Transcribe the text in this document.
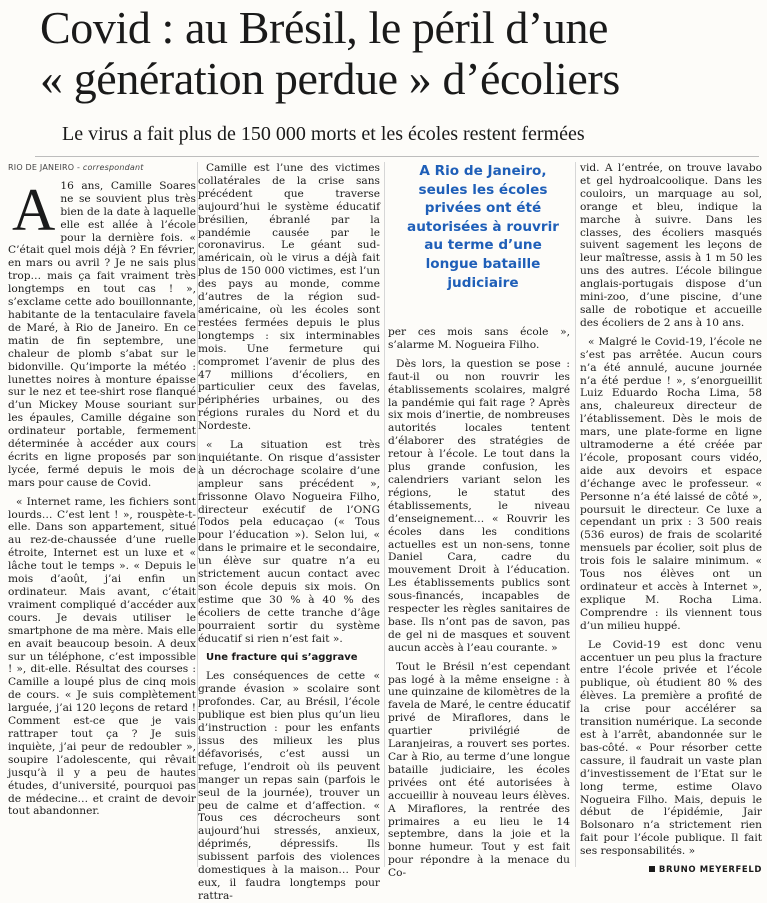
Covid : au Brésil, le péril d’une
« génération perdue » d’écoliers
Le virus a fait plus de 150 000 morts et les écoles restent fermées
RIO DE JANEIRO - correspondant

A 16 ans, Camille Soares ne se souvient plus très bien de la date à laquelle elle est allée à l’école pour la dernière fois. « C’était quel mois déjà ? En février, en mars ou avril ? Je ne sais plus trop… mais ça fait vraiment très longtemps en tout cas ! », s’exclame cette ado bouillonnante, habitante de la tentaculaire favela de Maré, à Rio de Janeiro. En ce matin de fin septembre, une chaleur de plomb s’abat sur le bidonville. Qu’importe la météo : lunettes noires à monture épaisse sur le nez et tee-shirt rose flanqué d’un Mickey Mouse souriant sur les épaules, Camille dégaine son ordinateur portable, fermement déterminée à accéder aux cours écrits en ligne proposés par son lycée, fermé depuis le mois de mars pour cause de Covid.

« Internet rame, les fichiers sont lourds… C’est lent ! », rouspète-t-elle. Dans son appartement, situé au rez-de-chaussée d’une ruelle étroite, Internet est un luxe et « lâche tout le temps ». « Depuis le mois d’août, j’ai enfin un ordinateur. Mais avant, c’était vraiment compliqué d’accéder aux cours. Je devais utiliser le smartphone de ma mère. Mais elle en avait beaucoup besoin. A deux sur un téléphone, c’est impossible ! », dit-elle. Résultat des courses : Camille a loupé plus de cinq mois de cours. « Je suis complètement larguée, j’ai 120 leçons de retard ! Comment est-ce que je vais rattraper tout ça ? Je suis inquiète, j’ai peur de redoubler », soupire l’adolescente, qui rêvait jusqu’à il y a peu de hautes études, d’université, pourquoi pas de médecine… et craint de devoir tout abandonner.

Camille est l’une des victimes collatérales de la crise sans précédent que traverse aujourd’hui le système éducatif brésilien, ébranlé par la pandémie causée par le coronavirus. Le géant sud-américain, où le virus a déjà fait plus de 150 000 victimes, est l’un des pays au monde, comme d’autres de la région sud-américaine, où les écoles sont restées fermées depuis le plus longtemps : six interminables mois. Une fermeture qui compromet l’avenir de plus des 47 millions d’écoliers, en particulier ceux des favelas, périphéries urbaines, ou des régions rurales du Nord et du Nordeste.

« La situation est très inquiétante. On risque d’assister à un décrochage scolaire d’une ampleur sans précédent », frissonne Olavo Nogueira Filho, directeur exécutif de l’ONG Todos pela educaçao (« Tous pour l’éducation »). Selon lui, « dans le primaire et le secondaire, un élève sur quatre n’a eu strictement aucun contact avec son école depuis six mois. On estime que 30 % à 40 % des écoliers de cette tranche d’âge pourraient sortir du système éducatif si rien n’est fait ».

Une fracture qui s’aggrave

Les conséquences de cette « grande évasion » scolaire sont profondes. Car, au Brésil, l’école publique est bien plus qu’un lieu d’instruction : pour les enfants issus des milieux les plus défavorisés, c’est aussi un refuge, l’endroit où ils peuvent manger un repas sain (parfois le seul de la journée), trouver un peu de calme et d’affection. « Tous ces décrocheurs sont aujourd’hui stressés, anxieux, déprimés, dépressifs. Ils subissent parfois des violences domestiques à la maison… Pour eux, il faudra longtemps pour rattra-

A Rio de Janeiro, seules les écoles privées ont été autorisées à rouvrir au terme d’une longue bataille judiciaire

per ces mois sans école », s’alarme M. Nogueira Filho.

Dès lors, la question se pose : faut-il ou non rouvrir les établissements scolaires, malgré la pandémie qui fait rage ? Après six mois d’inertie, de nombreuses autorités locales tentent d’élaborer des stratégies de retour à l’école. Le tout dans la plus grande confusion, les calendriers variant selon les régions, le statut des établissements, le niveau d’enseignement… « Rouvrir les écoles dans les conditions actuelles est un non-sens, tonne Daniel Cara, cadre du mouvement Droit à l’éducation. Les établissements publics sont sous-financés, incapables de respecter les règles sanitaires de base. Ils n’ont pas de savon, pas de gel ni de masques et souvent aucun accès à l’eau courante. »

Tout le Brésil n’est cependant pas logé à la même enseigne : à une quinzaine de kilomètres de la favela de Maré, le centre éducatif privé de Miraflores, dans le quartier privilégié de Laranjeiras, a rouvert ses portes. Car à Rio, au terme d’une longue bataille judiciaire, les écoles privées ont été autorisées à accueillir à nouveau leurs élèves. A Miraflores, la rentrée des primaires a eu lieu le 14 septembre, dans la joie et la bonne humeur. Tout y est fait pour répondre à la menace du Co-

vid. A l’entrée, on trouve lavabo et gel hydroalcoolique. Dans les couloirs, un marquage au sol, orange et bleu, indique la marche à suivre. Dans les classes, des écoliers masqués suivent sagement les leçons de leur maîtresse, assis à 1 m 50 les uns des autres. L’école bilingue anglais-portugais dispose d’un mini-zoo, d’une piscine, d’une salle de robotique et accueille des écoliers de 2 ans à 10 ans.

« Malgré le Covid-19, l’école ne s’est pas arrêtée. Aucun cours n’a été annulé, aucune journée n’a été perdue ! », s’enorgueillit Luiz Eduardo Rocha Lima, 58 ans, chaleureux directeur de l’établissement. Dès le mois de mars, une plate-forme en ligne ultramoderne a été créée par l’école, proposant cours vidéo, aide aux devoirs et espace d’échange avec le professeur. « Personne n’a été laissé de côté », poursuit le directeur. Ce luxe a cependant un prix : 3 500 reais (536 euros) de frais de scolarité mensuels par écolier, soit plus de trois fois le salaire minimum. « Tous nos élèves ont un ordinateur et accès à Internet », explique M. Rocha Lima. Comprendre : ils viennent tous d’un milieu huppé.

Le Covid-19 est donc venu accentuer un peu plus la fracture entre l’école privée et l’école publique, où étudient 80 % des élèves. La première a profité de la crise pour accélérer sa transition numérique. La seconde est à l’arrêt, abandonnée sur le bas-côté. « Pour résorber cette cassure, il faudrait un vaste plan d’investissement de l’Etat sur le long terme, estime Olavo Nogueira Filho. Mais, depuis le début de l’épidémie, Jair Bolsonaro n’a strictement rien fait pour l’école publique. Il fait ses responsabilités. »

BRUNO MEYERFELD
